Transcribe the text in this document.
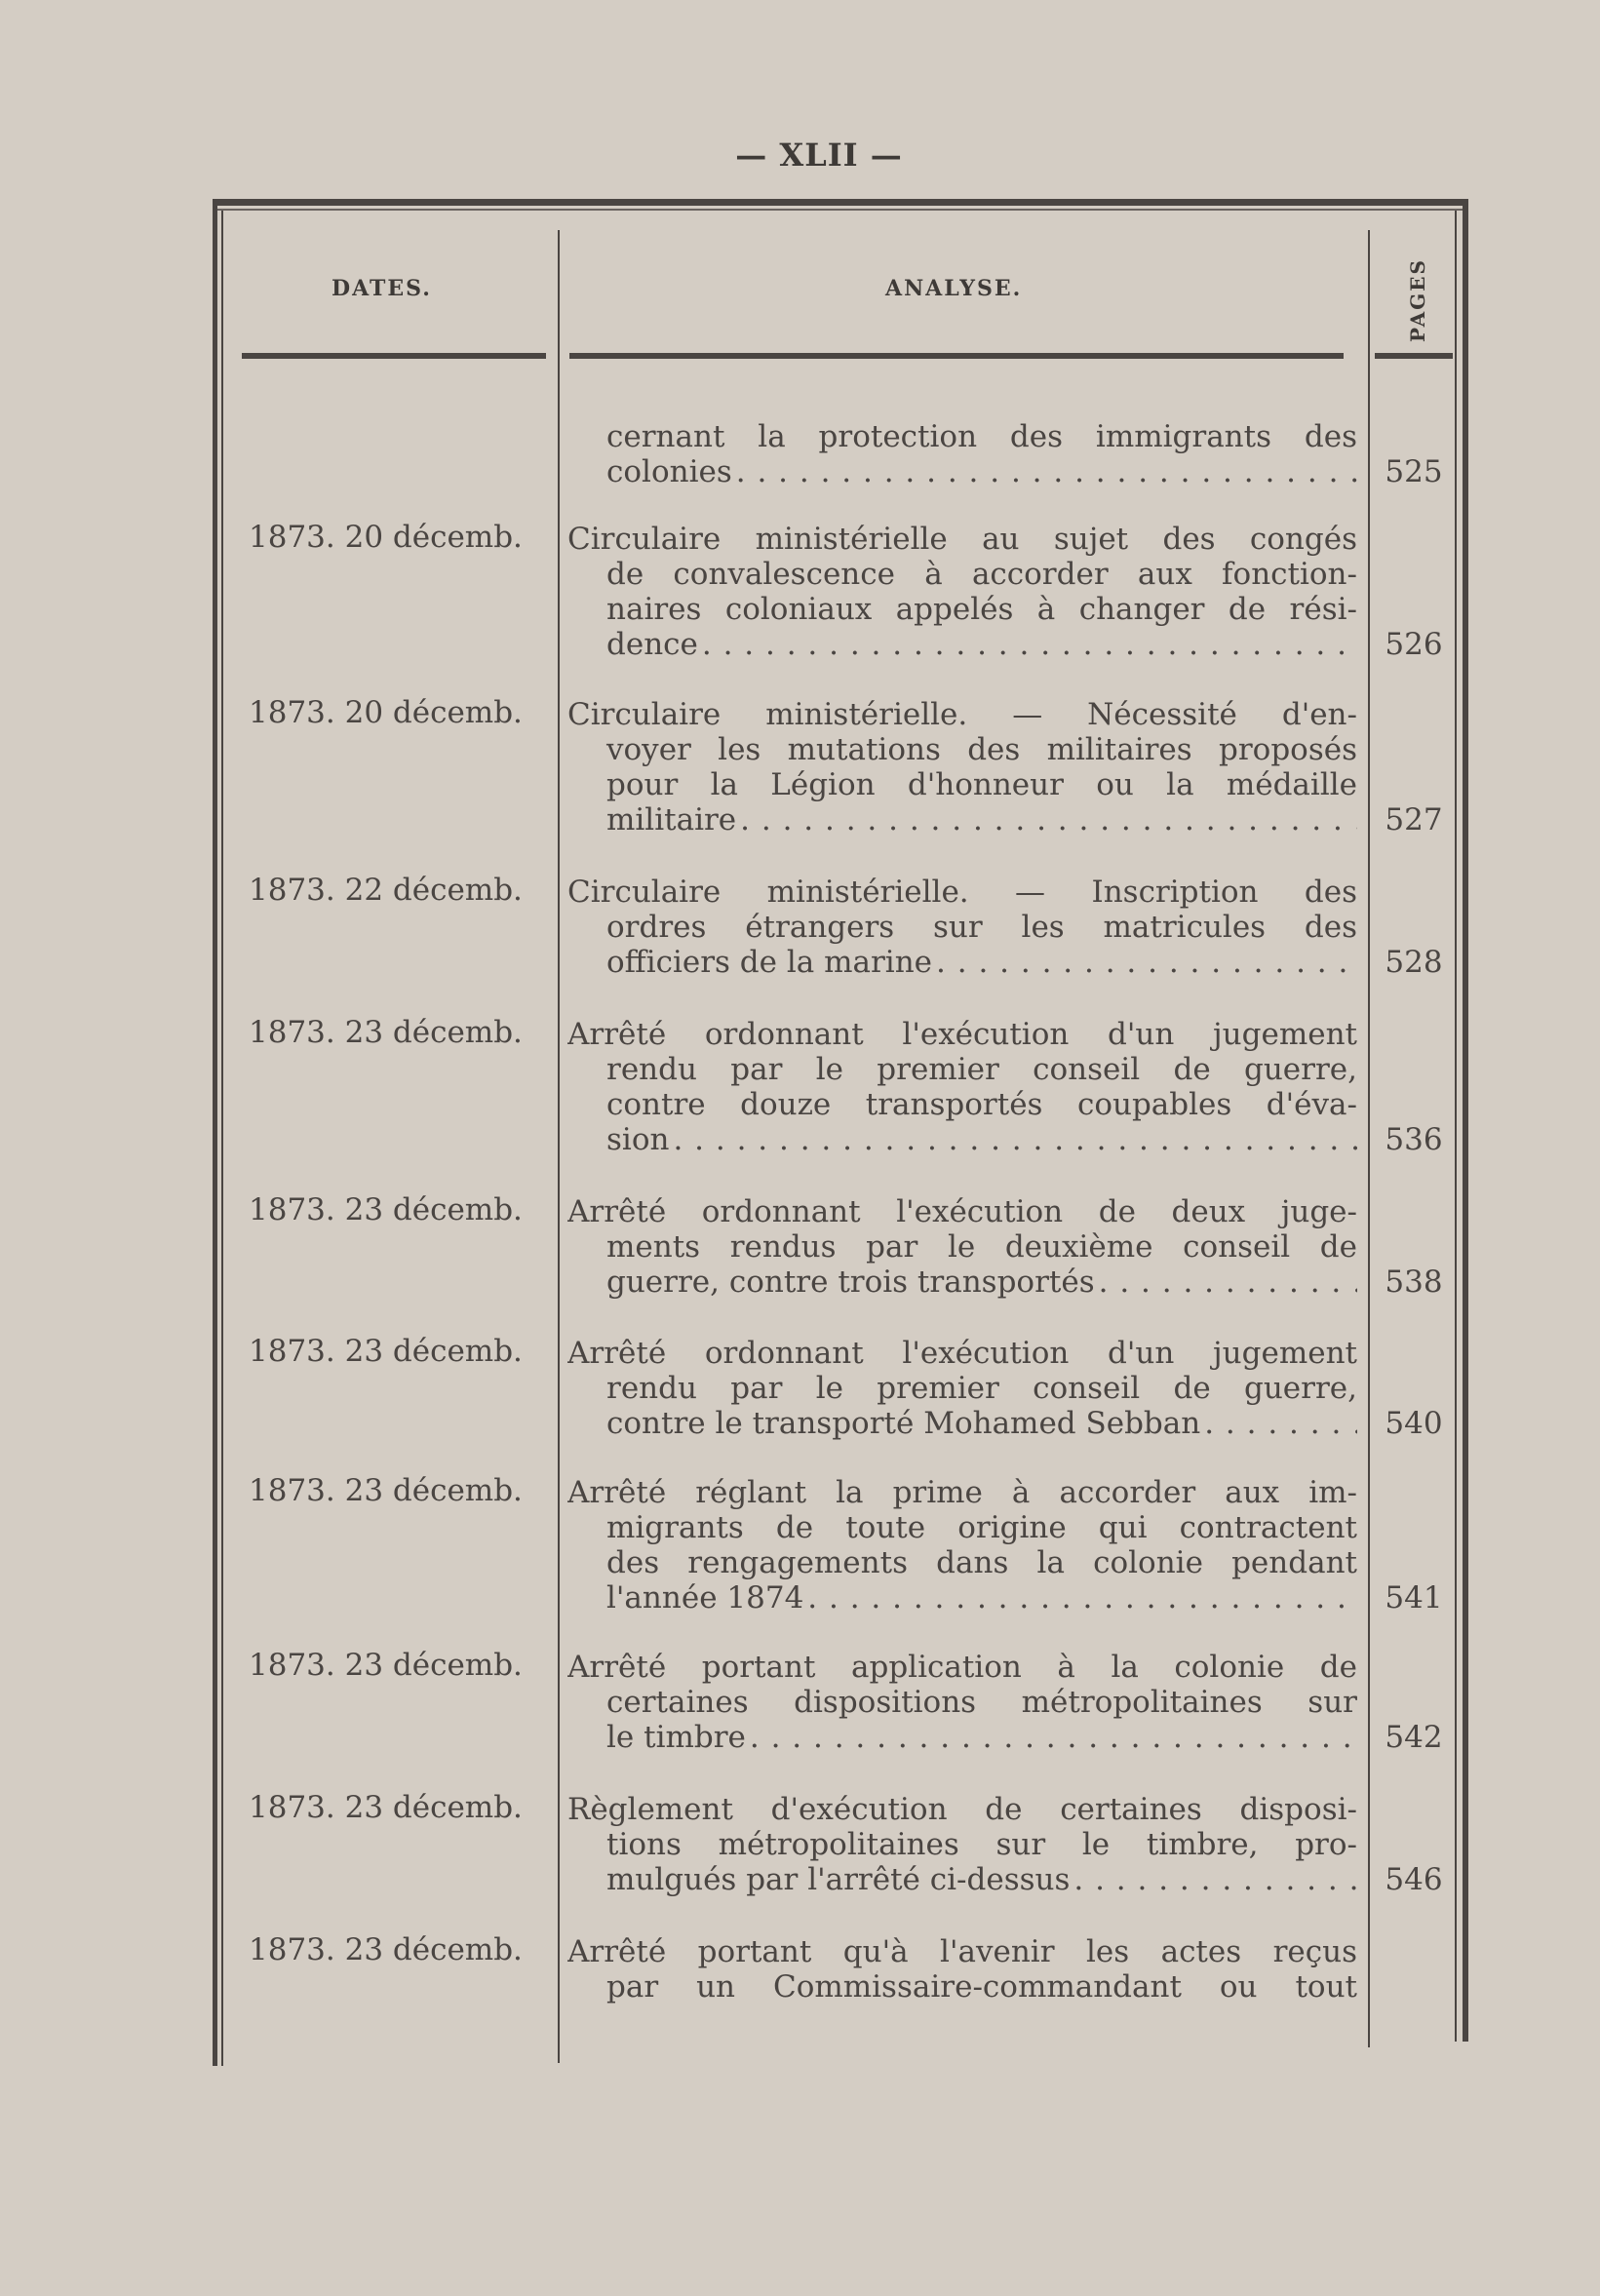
— XLII —
DATES.	ANALYSE.	PAGES
cernant la protection des immigrants des
colonies . . .	525
1873. 20 décemb.	Circulaire ministérielle au sujet des congés
de convalescence à accorder aux fonction-
naires coloniaux appelés à changer de rési-
dence . . .	526
1873. 20 décemb.	Circulaire ministérielle. — Nécessité d'en-
voyer les mutations des militaires proposés
pour la Légion d'honneur ou la médaille
militaire . . .	527
1873. 22 décemb.	Circulaire ministérielle. — Inscription des
ordres étrangers sur les matricules des
officiers de la marine . . .	528
1873. 23 décemb.	Arrêté ordonnant l'exécution d'un jugement
rendu par le premier conseil de guerre,
contre douze transportés coupables d'éva-
sion . . .	536
1873. 23 décemb.	Arrêté ordonnant l'exécution de deux juge-
ments rendus par le deuxième conseil de
guerre, contre trois transportés . . .	538
1873. 23 décemb.	Arrêté ordonnant l'exécution d'un jugement
rendu par le premier conseil de guerre,
contre le transporté Mohamed Sebban . . .	540
1873. 23 décemb.	Arrêté réglant la prime à accorder aux im-
migrants de toute origine qui contractent
des rengagements dans la colonie pendant
l'année 1874 . . .	541
1873. 23 décemb.	Arrêté portant application à la colonie de
certaines dispositions métropolitaines sur
le timbre . . .	542
1873. 23 décemb.	Règlement d'exécution de certaines disposi-
tions métropolitaines sur le timbre, pro-
mulgués par l'arrêté ci-dessus . . .	546
1873. 23 décemb.	Arrêté portant qu'à l'avenir les actes reçus
par un Commissaire-commandant ou tout
